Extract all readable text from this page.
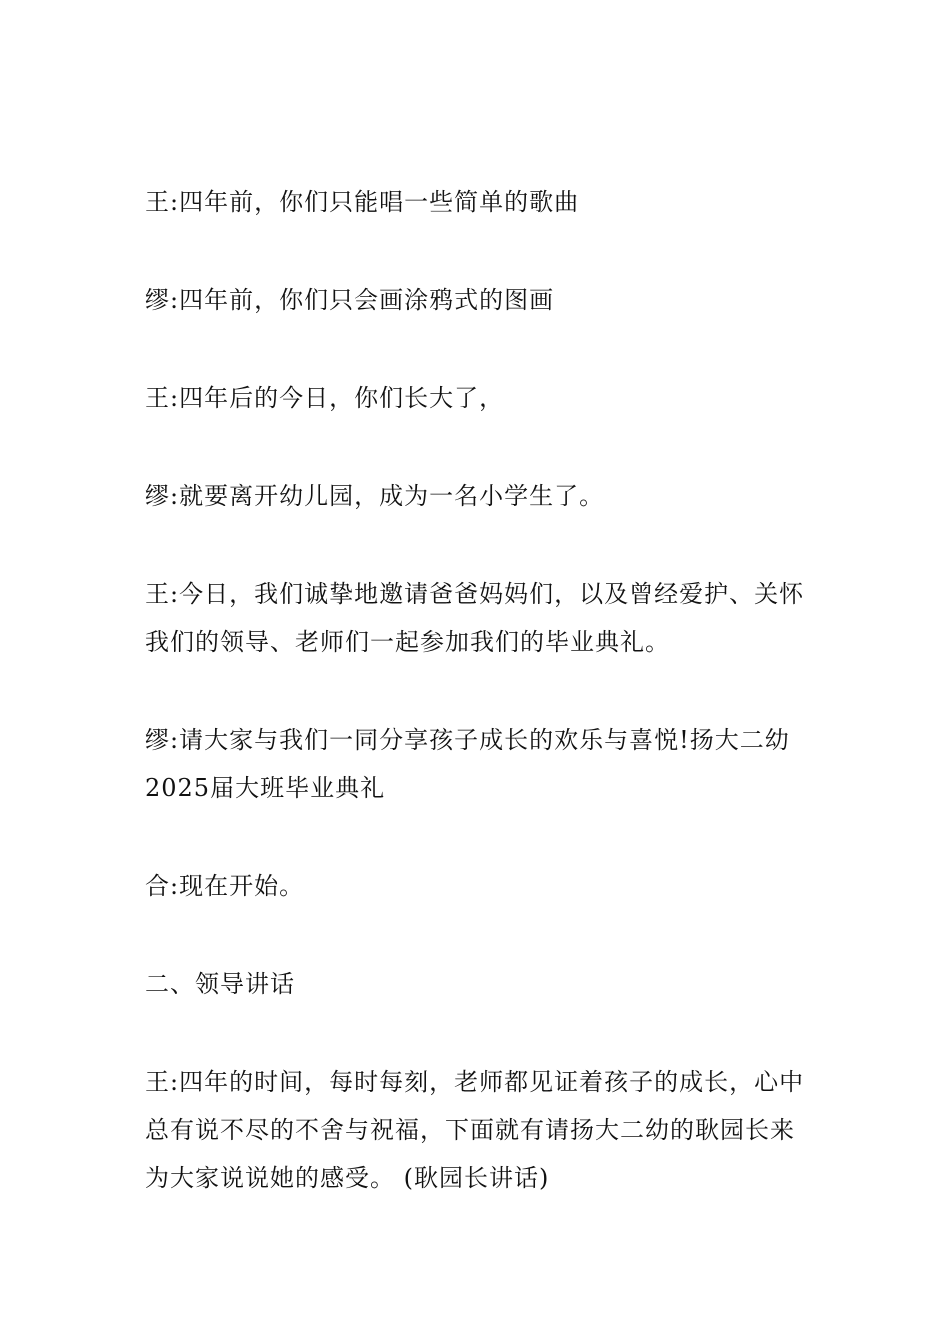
王:四年前，你们只能唱一些简单的歌曲

缪:四年前，你们只会画涂鸦式的图画

王:四年后的今日，你们长大了，

缪:就要离开幼儿园，成为一名小学生了。

王:今日，我们诚挚地邀请爸爸妈妈们，以及曾经爱护、关怀我们的领导、老师们一起参加我们的毕业典礼。

缪:请大家与我们一同分享孩子成长的欢乐与喜悦!扬大二幼2025届大班毕业典礼

合:现在开始。

二、领导讲话

王:四年的时间，每时每刻，老师都见证着孩子的成长，心中总有说不尽的不舍与祝福，下面就有请扬大二幼的耿园长来为大家说说她的感受。 (耿园长讲话)
